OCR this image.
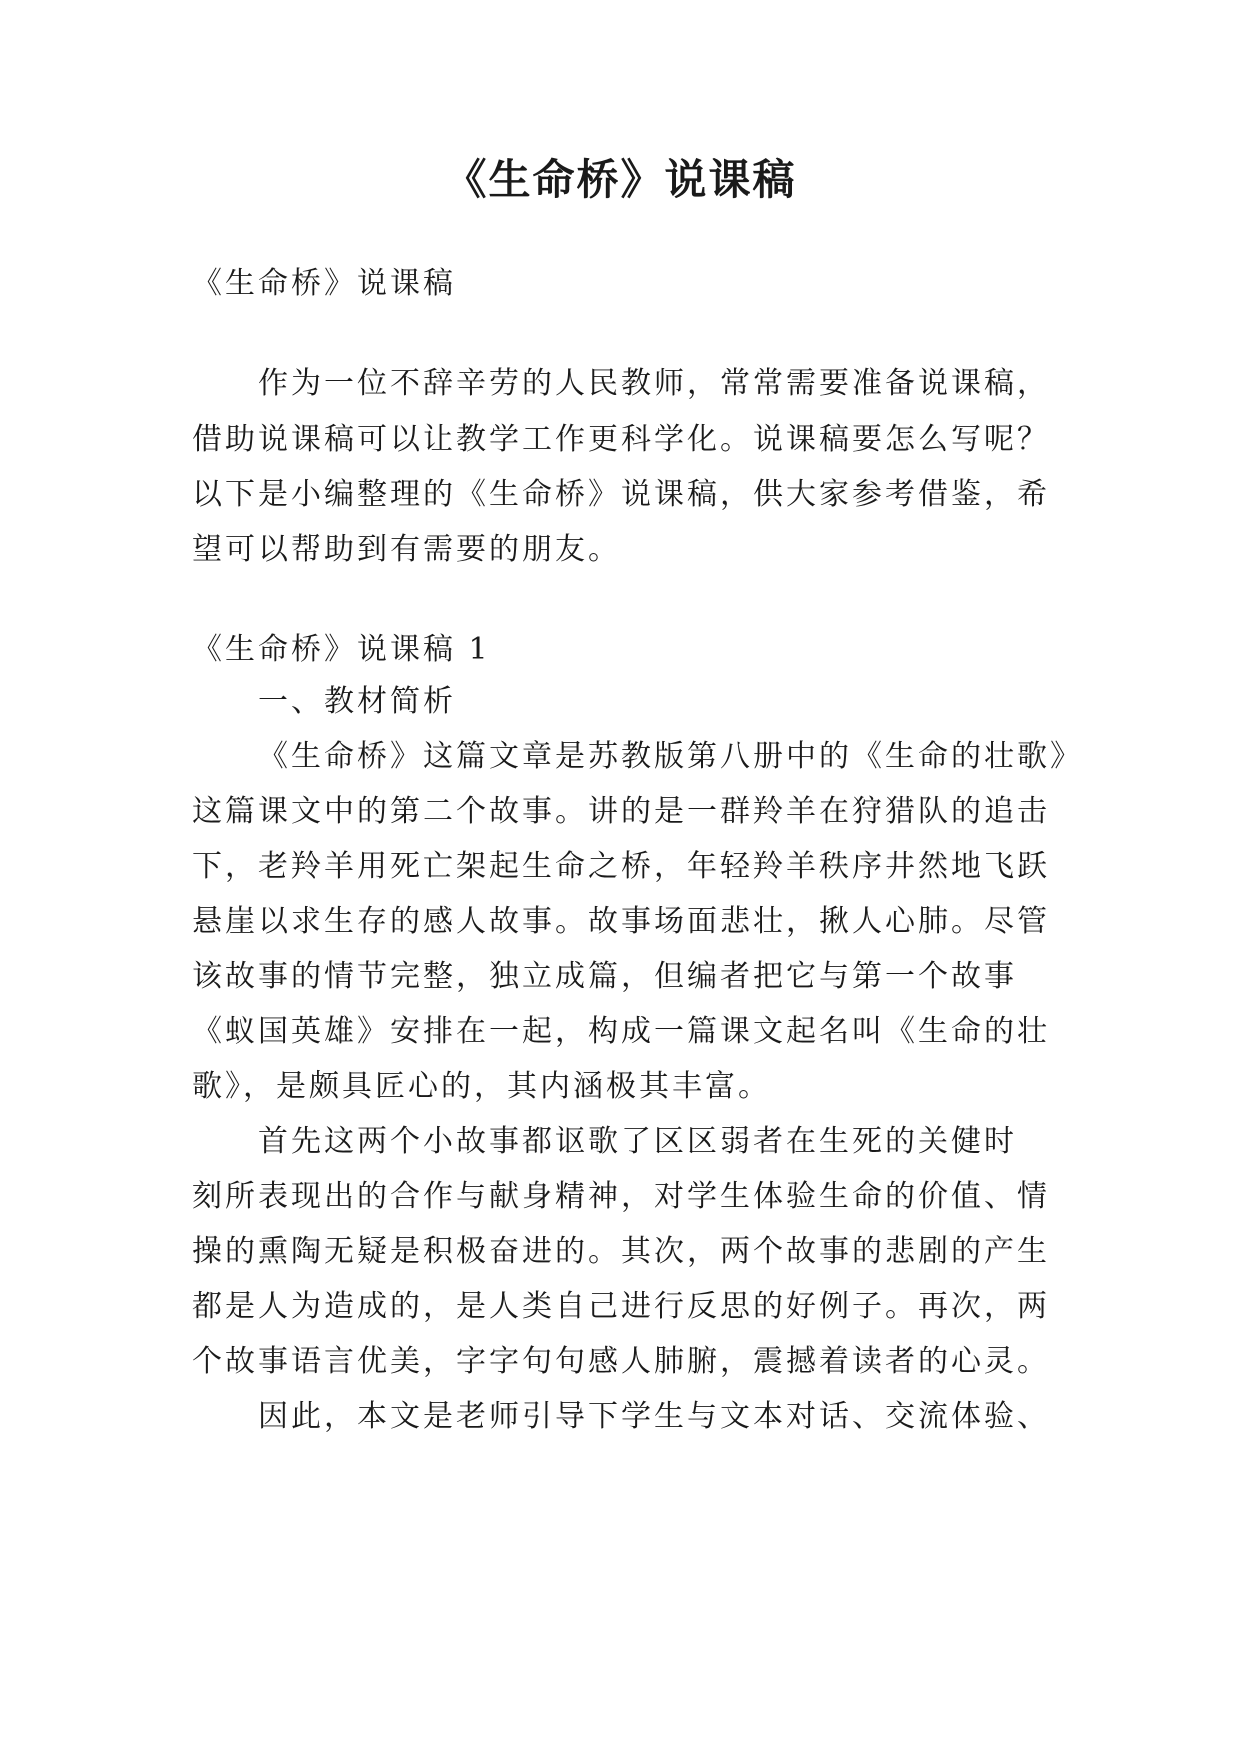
《生命桥》说课稿
《生命桥》说课稿
作为一位不辞辛劳的人民教师，常常需要准备说课稿，
借助说课稿可以让教学工作更科学化。说课稿要怎么写呢？
以下是小编整理的《生命桥》说课稿，供大家参考借鉴，希
望可以帮助到有需要的朋友。
《生命桥》说课稿 1
一、教材简析
《生命桥》这篇文章是苏教版第八册中的《生命的壮歌》
这篇课文中的第二个故事。讲的是一群羚羊在狩猎队的追击
下，老羚羊用死亡架起生命之桥，年轻羚羊秩序井然地飞跃
悬崖以求生存的感人故事。故事场面悲壮，揪人心肺。尽管
该故事的情节完整，独立成篇，但编者把它与第一个故事
《蚁国英雄》安排在一起，构成一篇课文起名叫《生命的壮
歌》，是颇具匠心的，其内涵极其丰富。
首先这两个小故事都讴歌了区区弱者在生死的关健时
刻所表现出的合作与献身精神，对学生体验生命的价值、情
操的熏陶无疑是积极奋进的。其次，两个故事的悲剧的产生
都是人为造成的，是人类自己进行反思的好例子。再次，两
个故事语言优美，字字句句感人肺腑，震撼着读者的心灵。
因此，本文是老师引导下学生与文本对话、交流体验、
